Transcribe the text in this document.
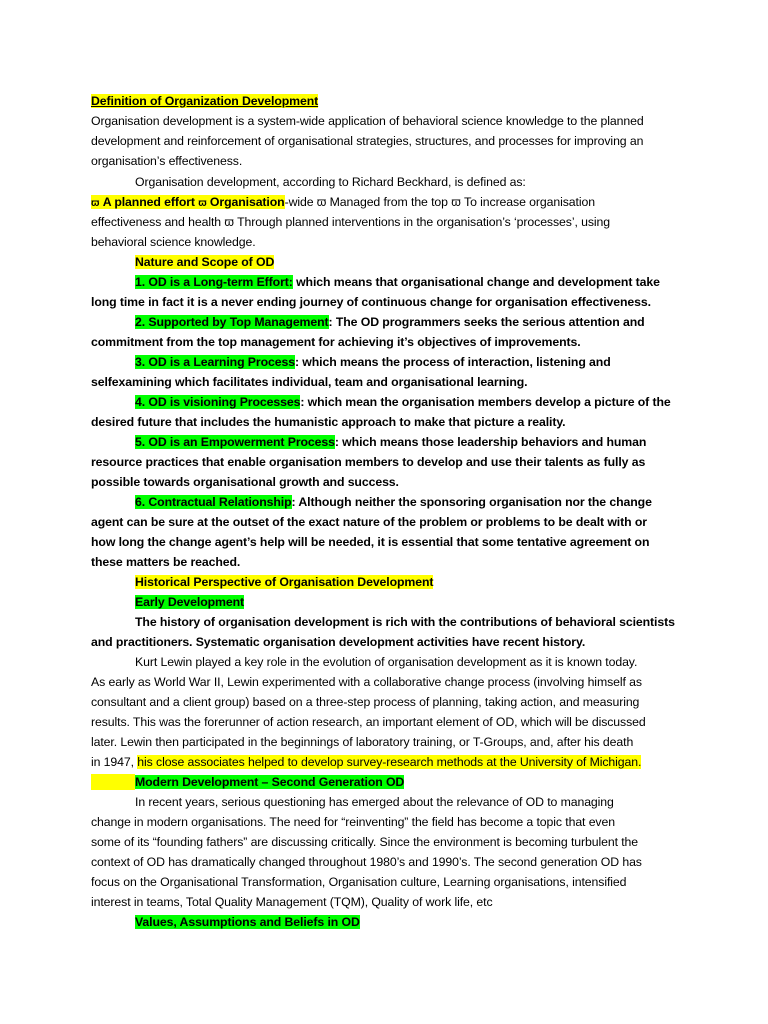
Definition of Organization Development
Organisation development is a system-wide application of behavioral science knowledge to the planned
development and reinforcement of organisational strategies, structures, and processes for improving an
organisation’s effectiveness.
Organisation development, according to Richard Beckhard, is defined as:
ϖ A planned effort ϖ Organisation-wide ϖ Managed from the top ϖ To increase organisation
effectiveness and health ϖ Through planned interventions in the organisation’s ‘processes’, using
behavioral science knowledge.
Nature and Scope of OD
1. OD is a Long-term Effort: which means that organisational change and development take
long time in fact it is a never ending journey of continuous change for organisation effectiveness.
2. Supported by Top Management: The OD programmers seeks the serious attention and
commitment from the top management for achieving it’s objectives of improvements.
3. OD is a Learning Process: which means the process of interaction, listening and
selfexamining which facilitates individual, team and organisational learning.
4. OD is visioning Processes: which mean the organisation members develop a picture of the
desired future that includes the humanistic approach to make that picture a reality.
5. OD is an Empowerment Process: which means those leadership behaviors and human
resource practices that enable organisation members to develop and use their talents as fully as
possible towards organisational growth and success.
6. Contractual Relationship: Although neither the sponsoring organisation nor the change
agent can be sure at the outset of the exact nature of the problem or problems to be dealt with or
how long the change agent’s help will be needed, it is essential that some tentative agreement on
these matters be reached.
Historical Perspective of Organisation Development
Early Development
The history of organisation development is rich with the contributions of behavioral scientists
and practitioners. Systematic organisation development activities have recent history.
Kurt Lewin played a key role in the evolution of organisation development as it is known today.
As early as World War II, Lewin experimented with a collaborative change process (involving himself as
consultant and a client group) based on a three-step process of planning, taking action, and measuring
results. This was the forerunner of action research, an important element of OD, which will be discussed
later. Lewin then participated in the beginnings of laboratory training, or T-Groups, and, after his death
in 1947, his close associates helped to develop survey-research methods at the University of Michigan.
Modern Development – Second Generation OD
In recent years, serious questioning has emerged about the relevance of OD to managing
change in modern organisations. The need for “reinventing” the field has become a topic that even
some of its “founding fathers” are discussing critically. Since the environment is becoming turbulent the
context of OD has dramatically changed throughout 1980’s and 1990’s. The second generation OD has
focus on the Organisational Transformation, Organisation culture, Learning organisations, intensified
interest in teams, Total Quality Management (TQM), Quality of work life, etc
Values, Assumptions and Beliefs in OD
